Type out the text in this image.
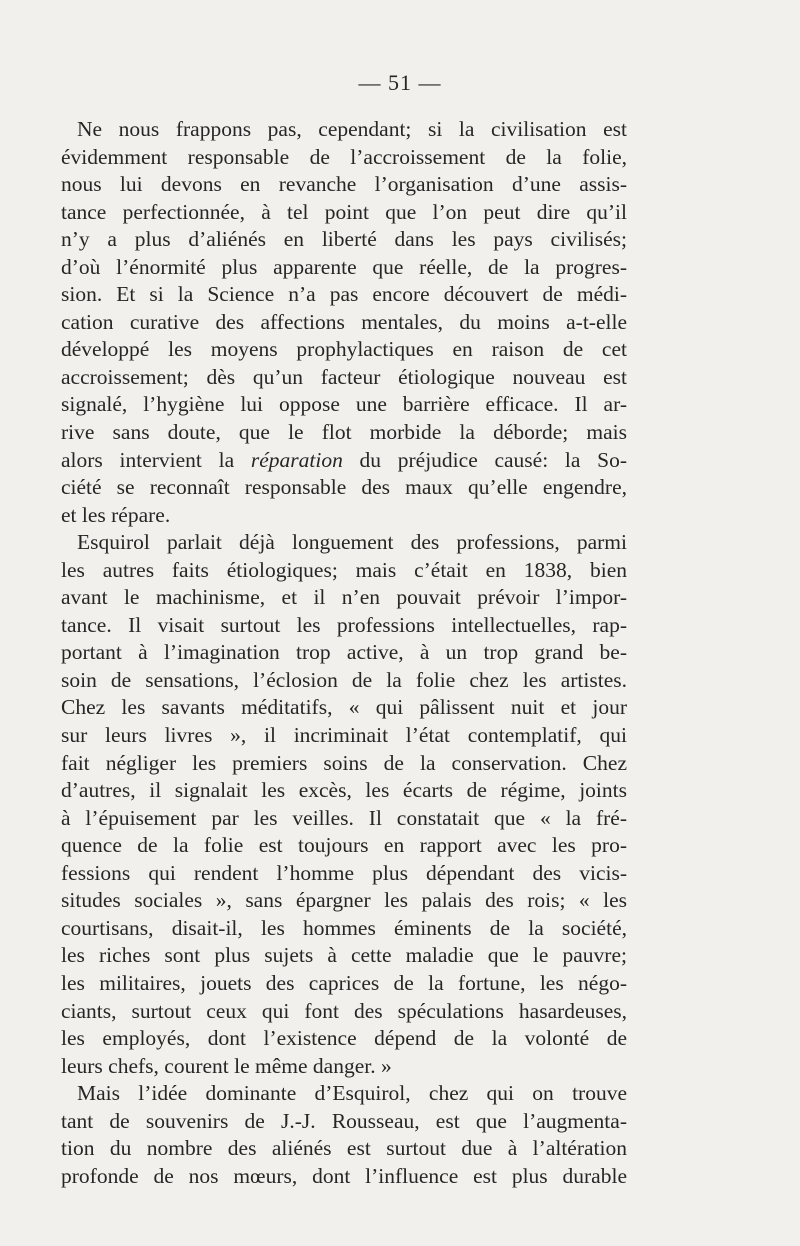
— 51 —
Ne nous frappons pas, cependant; si la civilisation est
évidemment responsable de l’accroissement de la folie,
nous lui devons en revanche l’organisation d’une assis-
tance perfectionnée, à tel point que l’on peut dire qu’il
n’y a plus d’aliénés en liberté dans les pays civilisés;
d’où l’énormité plus apparente que réelle, de la progres-
sion. Et si la Science n’a pas encore découvert de médi-
cation curative des affections mentales, du moins a-t-elle
développé les moyens prophylactiques en raison de cet
accroissement; dès qu’un facteur étiologique nouveau est
signalé, l’hygiène lui oppose une barrière efficace. Il ar-
rive sans doute, que le flot morbide la déborde; mais
alors intervient la réparation du préjudice causé: la So-
ciété se reconnaît responsable des maux qu’elle engendre,
et les répare.
Esquirol parlait déjà longuement des professions, parmi
les autres faits étiologiques; mais c’était en 1838, bien
avant le machinisme, et il n’en pouvait prévoir l’impor-
tance. Il visait surtout les professions intellectuelles, rap-
portant à l’imagination trop active, à un trop grand be-
soin de sensations, l’éclosion de la folie chez les artistes.
Chez les savants méditatifs, « qui pâlissent nuit et jour
sur leurs livres », il incriminait l’état contemplatif, qui
fait négliger les premiers soins de la conservation. Chez
d’autres, il signalait les excès, les écarts de régime, joints
à l’épuisement par les veilles. Il constatait que « la fré-
quence de la folie est toujours en rapport avec les pro-
fessions qui rendent l’homme plus dépendant des vicis-
situdes sociales », sans épargner les palais des rois; « les
courtisans, disait-il, les hommes éminents de la société,
les riches sont plus sujets à cette maladie que le pauvre;
les militaires, jouets des caprices de la fortune, les négo-
ciants, surtout ceux qui font des spéculations hasardeuses,
les employés, dont l’existence dépend de la volonté de
leurs chefs, courent le même danger. »
Mais l’idée dominante d’Esquirol, chez qui on trouve
tant de souvenirs de J.-J. Rousseau, est que l’augmenta-
tion du nombre des aliénés est surtout due à l’altération
profonde de nos mœurs, dont l’influence est plus durable
